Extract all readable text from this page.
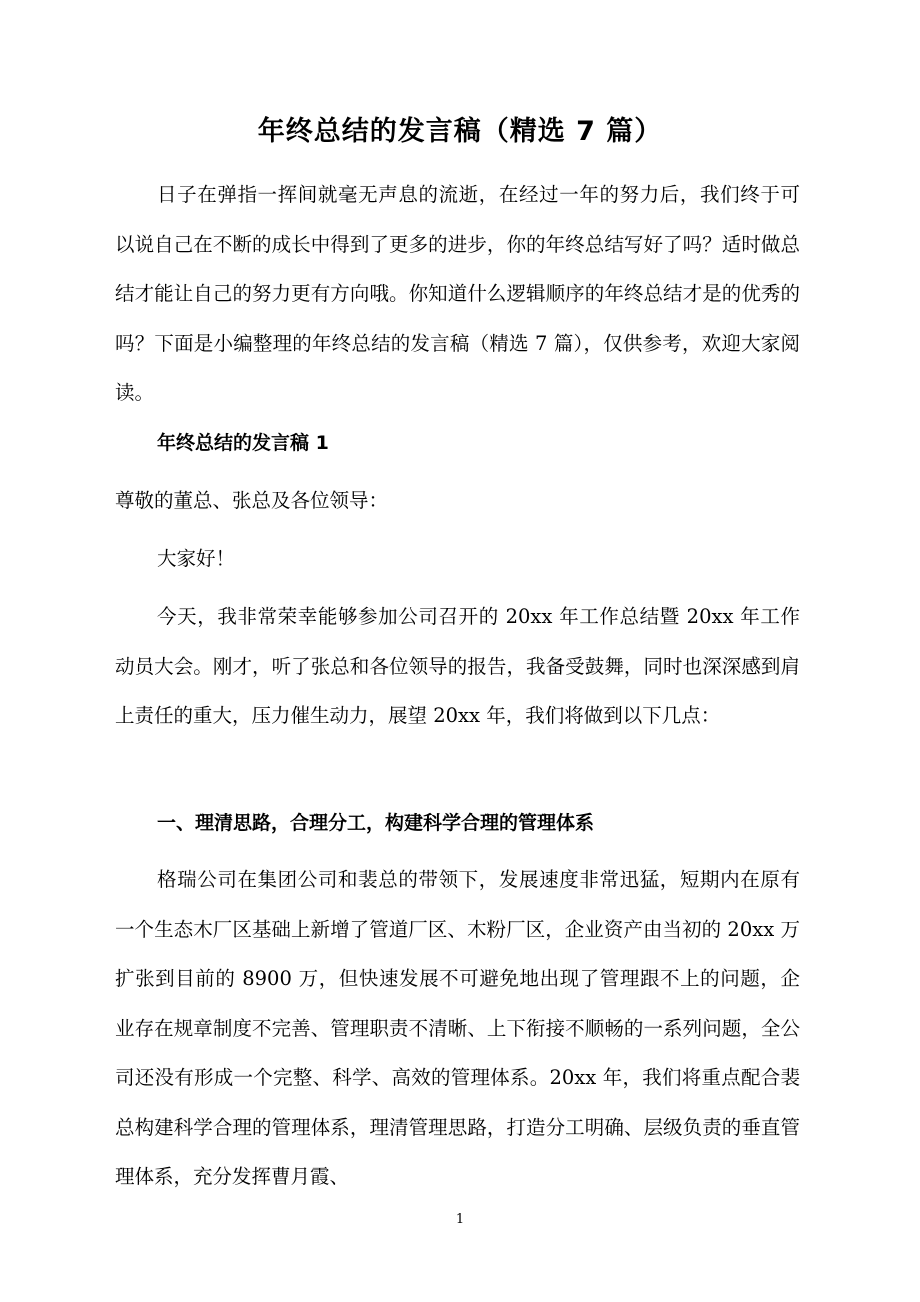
年终总结的发言稿（精选 7 篇）

日子在弹指一挥间就毫无声息的流逝，在经过一年的努力后，我们终于可以说自己在不断的成长中得到了更多的进步，你的年终总结写好了吗？适时做总结才能让自己的努力更有方向哦。你知道什么逻辑顺序的年终总结才是的优秀的吗？下面是小编整理的年终总结的发言稿（精选 7 篇），仅供参考，欢迎大家阅读。

年终总结的发言稿 1

尊敬的董总、张总及各位领导：

大家好！

今天，我非常荣幸能够参加公司召开的 20xx 年工作总结暨 20xx 年工作动员大会。刚才，听了张总和各位领导的报告，我备受鼓舞，同时也深深感到肩上责任的重大，压力催生动力，展望 20xx 年，我们将做到以下几点：

一、理清思路，合理分工，构建科学合理的管理体系

格瑞公司在集团公司和裴总的带领下，发展速度非常迅猛，短期内在原有一个生态木厂区基础上新增了管道厂区、木粉厂区，企业资产由当初的 20xx 万扩张到目前的 8900 万，但快速发展不可避免地出现了管理跟不上的问题，企业存在规章制度不完善、管理职责不清晰、上下衔接不顺畅的一系列问题，全公司还没有形成一个完整、科学、高效的管理体系。20xx 年，我们将重点配合裴总构建科学合理的管理体系，理清管理思路，打造分工明确、层级负责的垂直管理体系，充分发挥曹月霞、

1
